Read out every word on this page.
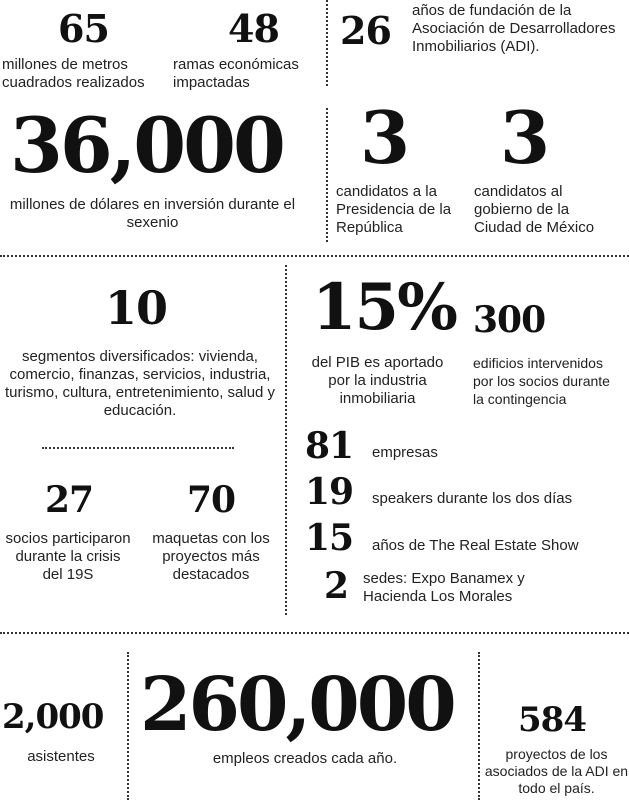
65
millones de metros cuadrados realizados
48
ramas económicas impactadas
26 años de fundación de la Asociación de Desarrolladores Inmobiliarios (ADI).
36,000
millones de dólares en inversión durante el sexenio
3
candidatos a la Presidencia de la República
3
candidatos al gobierno de la Ciudad de México
10
segmentos diversificados: vivienda, comercio, finanzas, servicios, industria, turismo, cultura, entretenimiento, salud y educación.
27
socios participaron durante la crisis del 19S
70
maquetas con los proyectos más destacados
15%
del PIB es aportado por la industria inmobiliaria
300
edificios intervenidos por los socios durante la contingencia
81 empresas
19 speakers durante los dos días
15 años de The Real Estate Show
2 sedes: Expo Banamex y Hacienda Los Morales
2,000
asistentes
260,000
empleos creados cada año.
584
proyectos de los asociados de la ADI en todo el país.
